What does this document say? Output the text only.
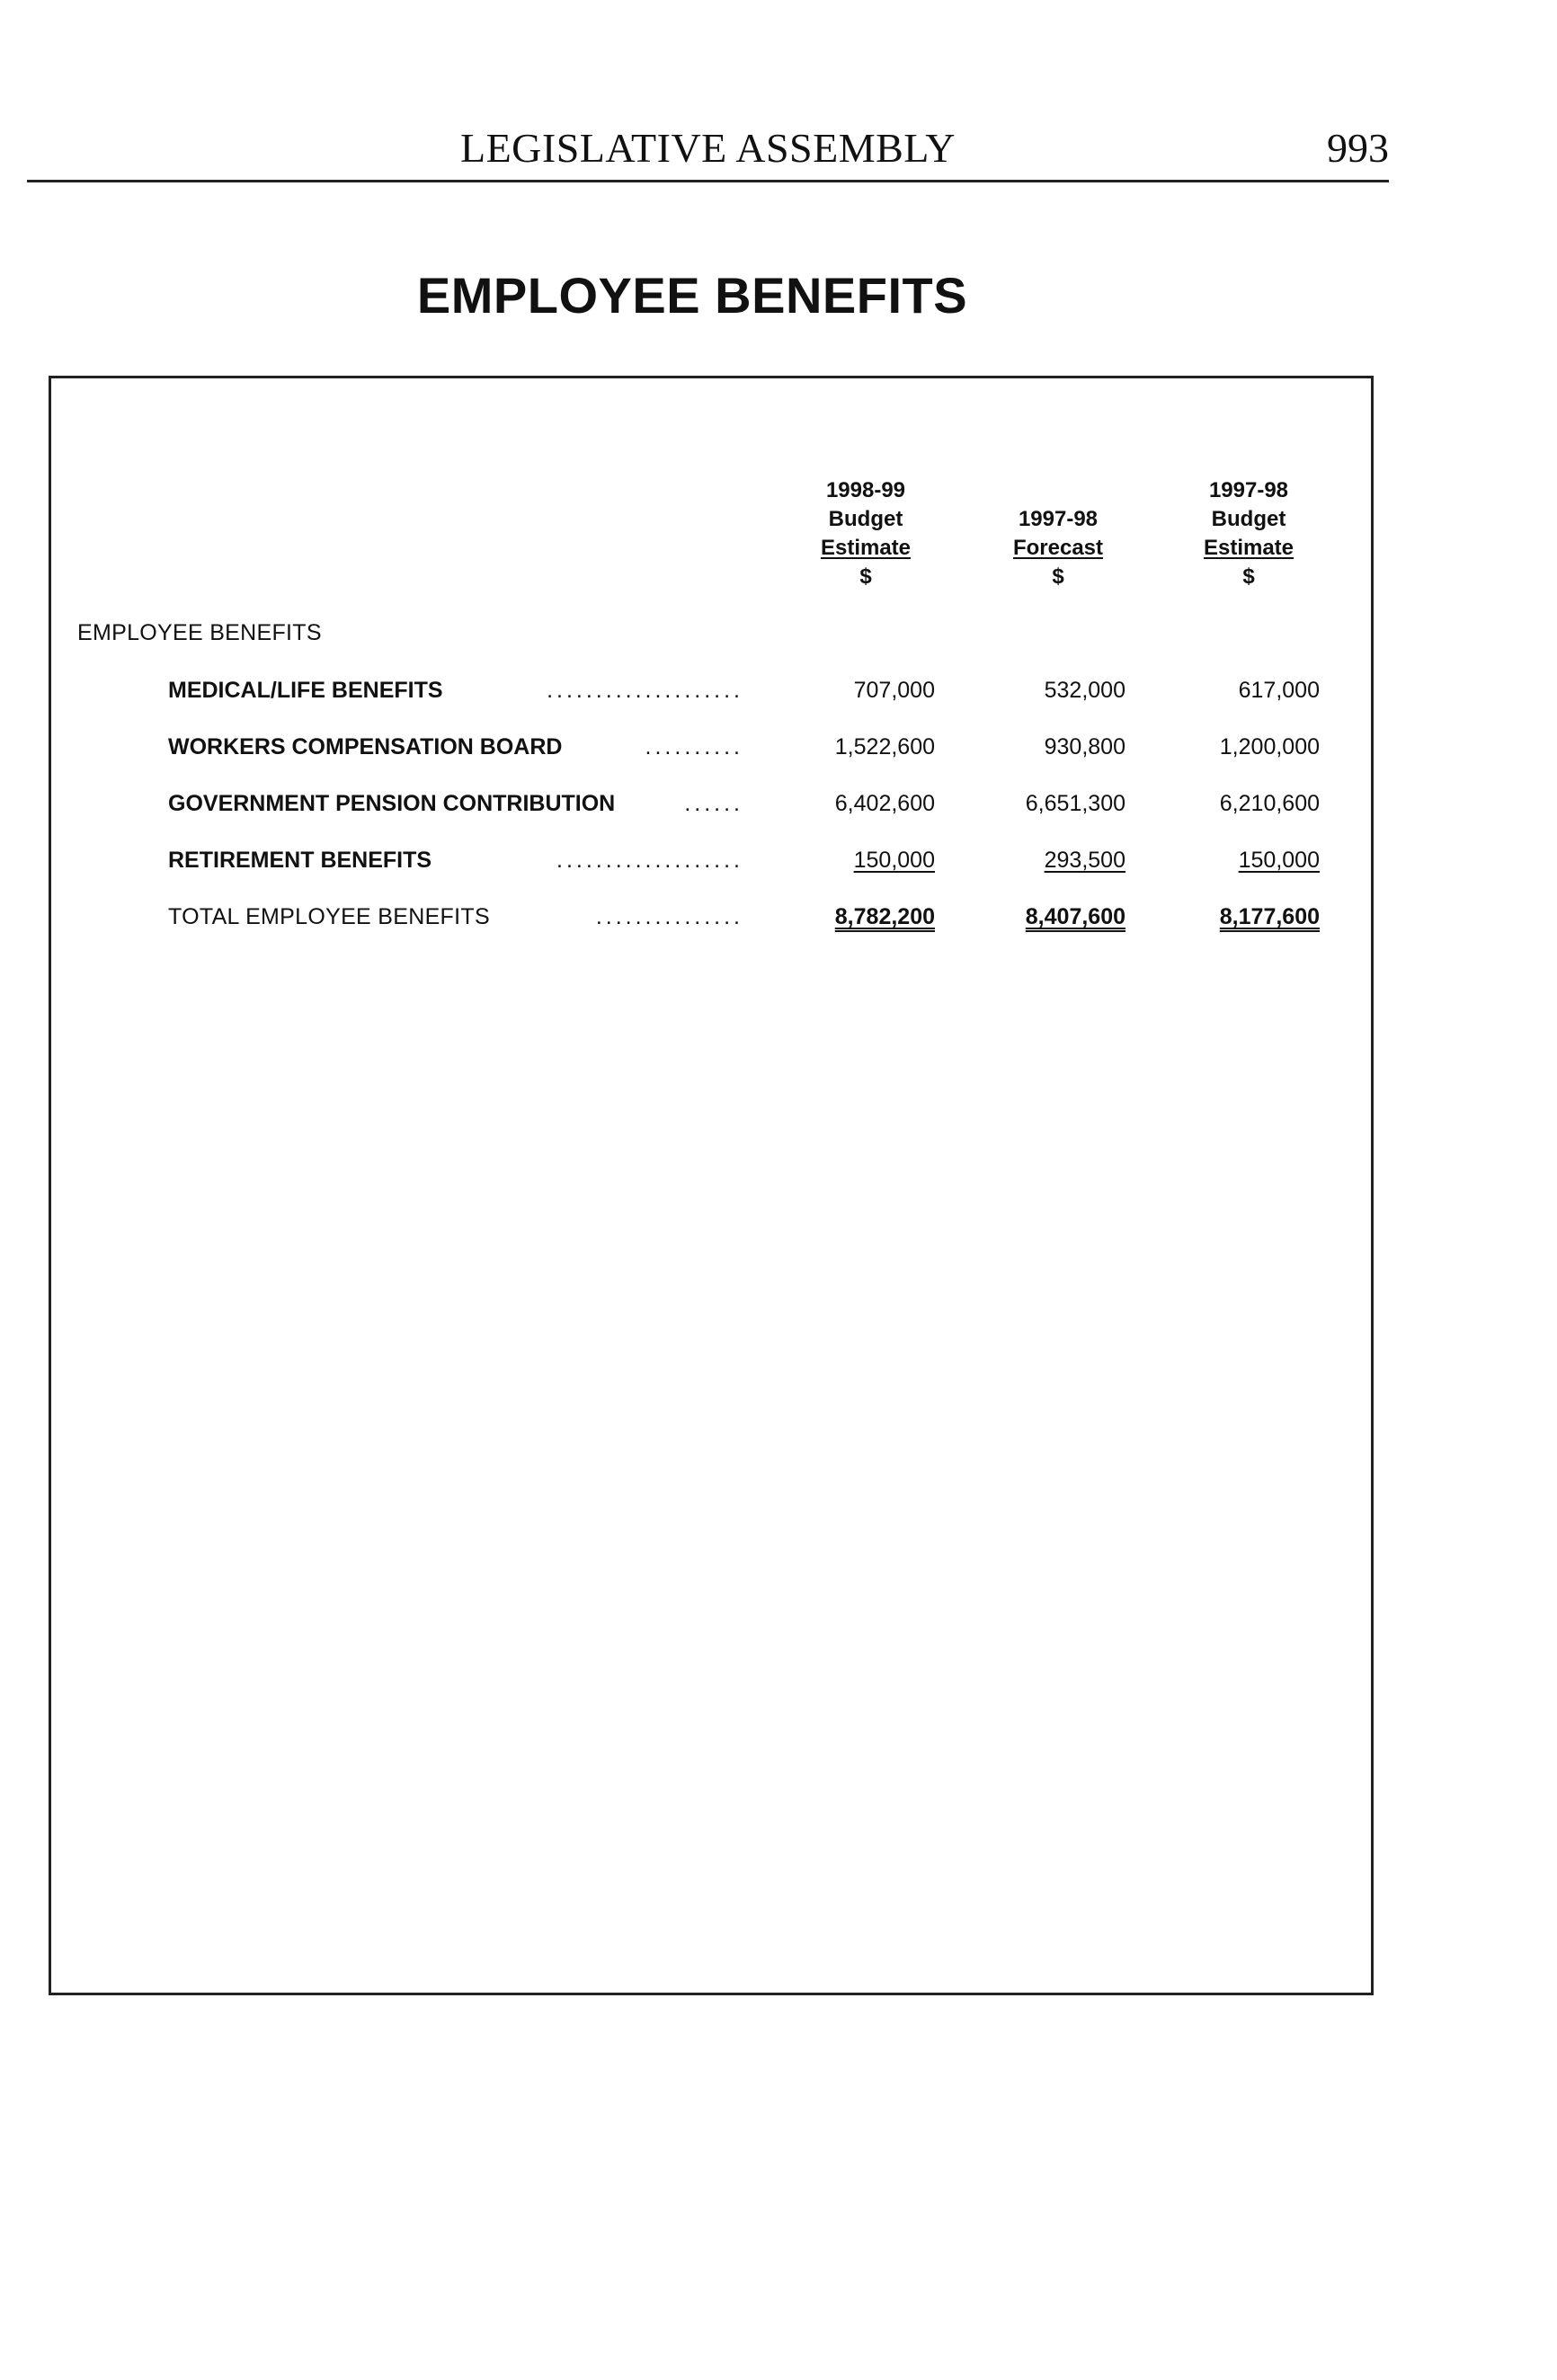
LEGISLATIVE ASSEMBLY	993
EMPLOYEE BENEFITS
1998-99
Budget
Estimate
$
1997-98
Forecast
$
1997-98
Budget
Estimate
$
EMPLOYEE BENEFITS
MEDICAL/LIFE BENEFITS	....................	707,000	532,000	617,000
WORKERS COMPENSATION BOARD	..........	1,522,600	930,800	1,200,000
GOVERNMENT PENSION CONTRIBUTION	......	6,402,600	6,651,300	6,210,600
RETIREMENT BENEFITS	...................	150,000	293,500	150,000
TOTAL EMPLOYEE BENEFITS	...............	8,782,200	8,407,600	8,177,600
